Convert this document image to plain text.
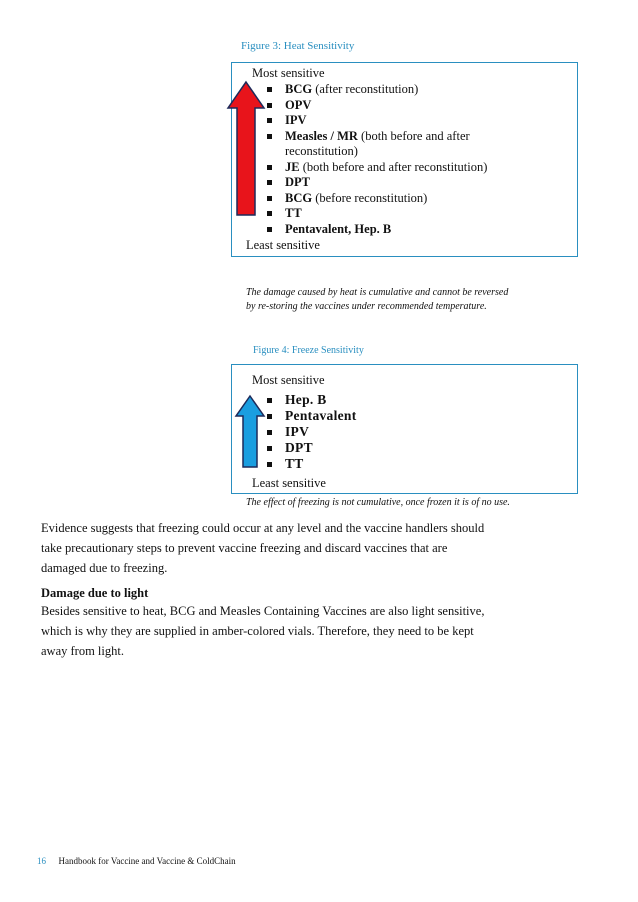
Figure 3: Heat Sensitivity
Most sensitive
BCG (after reconstitution)
OPV
IPV
Measles / MR (both before and after
reconstitution)
JE (both before and after reconstitution)
DPT
BCG (before reconstitution)
TT
Pentavalent, Hep. B
Least sensitive
The damage caused by heat is cumulative and cannot be reversed
by re-storing the vaccines under recommended temperature.
Figure 4: Freeze Sensitivity
Most sensitive
Hep. B
Pentavalent
IPV
DPT
TT
Least sensitive
The effect of freezing is not cumulative, once frozen it is of no use.
Evidence suggests that freezing could occur at any level and the vaccine handlers should
take precautionary steps to prevent vaccine freezing and discard vaccines that are
damaged due to freezing.
Damage due to light
Besides sensitive to heat, BCG and Measles Containing Vaccines are also light sensitive,
which is why they are supplied in amber-colored vials. Therefore, they need to be kept
away from light.
16 Handbook for Vaccine and Vaccine & ColdChain
